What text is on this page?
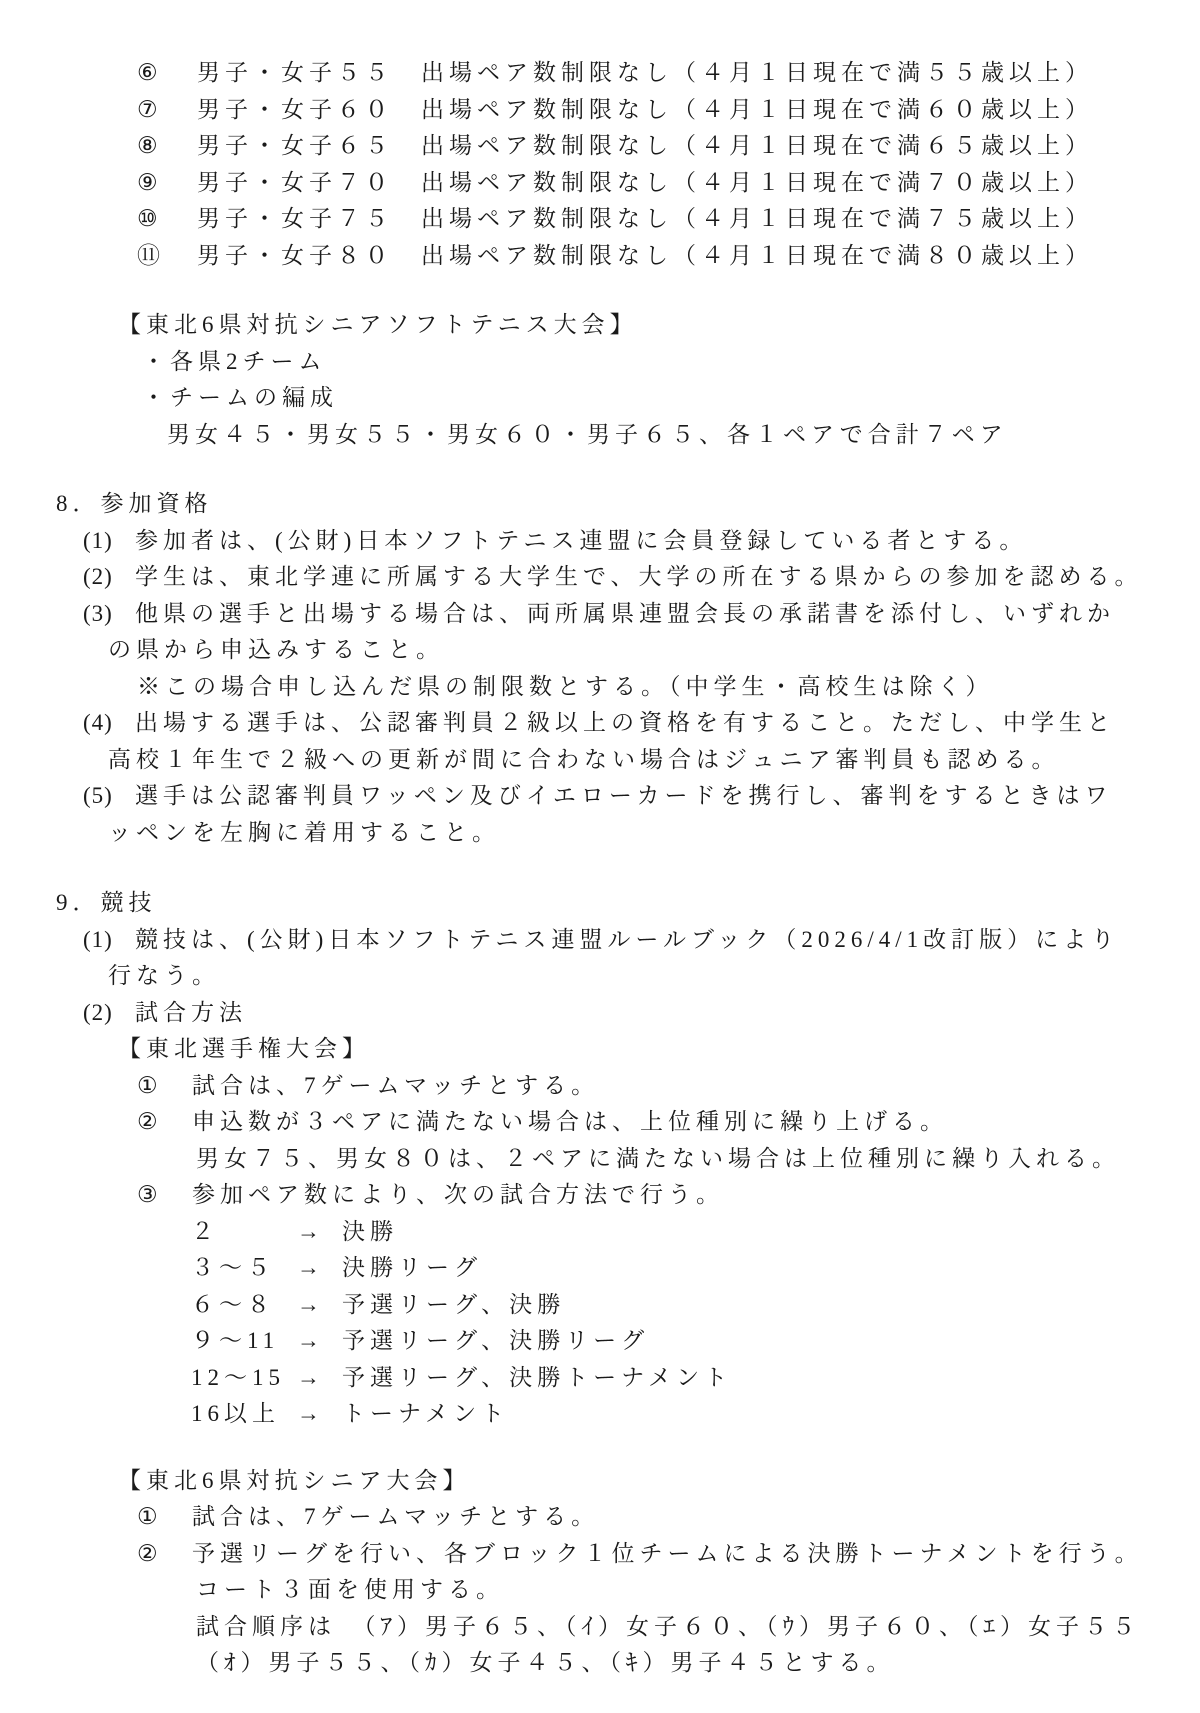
⑥	男子・女子５５　出場ペア数制限なし（４月１日現在で満５５歳以上）
⑦	男子・女子６０　出場ペア数制限なし（４月１日現在で満６０歳以上）
⑧	男子・女子６５　出場ペア数制限なし（４月１日現在で満６５歳以上）
⑨	男子・女子７０　出場ペア数制限なし（４月１日現在で満７０歳以上）
⑩	男子・女子７５　出場ペア数制限なし（４月１日現在で満７５歳以上）
⑪	男子・女子８０　出場ペア数制限なし（４月１日現在で満８０歳以上）
【東北6県対抗シニアソフトテニス大会】
・各県2チーム
・チームの編成
男女４５・男女５５・男女６０・男子６５、各１ペアで合計７ペア
8．参加資格
(1) 参加者は、(公財)日本ソフトテニス連盟に会員登録している者とする。
(2) 学生は、東北学連に所属する大学生で、大学の所在する県からの参加を認める。
(3) 他県の選手と出場する場合は、両所属県連盟会長の承諾書を添付し、いずれか
の県から申込みすること。
※この場合申し込んだ県の制限数とする。（中学生・高校生は除く）
(4) 出場する選手は、公認審判員２級以上の資格を有すること。ただし、中学生と
高校１年生で２級への更新が間に合わない場合はジュニア審判員も認める。
(5) 選手は公認審判員ワッペン及びイエローカードを携行し、審判をするときはワ
ッペンを左胸に着用すること。
9．競技
(1) 競技は、(公財)日本ソフトテニス連盟ルールブック（2026/4/1改訂版）により
行なう。
(2) 試合方法
【東北選手権大会】
①	試合は、7ゲームマッチとする。
②	申込数が３ペアに満たない場合は、上位種別に繰り上げる。
男女７５、男女８０は、２ペアに満たない場合は上位種別に繰り入れる。
③	参加ペア数により、次の試合方法で行う。
２	→ 決勝
３～５ → 決勝リーグ
６～８ → 予選リーグ、決勝
９～11 → 予選リーグ、決勝リーグ
12～15 → 予選リーグ、決勝トーナメント
16以上 → トーナメント
【東北6県対抗シニア大会】
①	試合は、7ゲームマッチとする。
②	予選リーグを行い、各ブロック１位チームによる決勝トーナメントを行う。
コート３面を使用する。
試合順序は　（ｱ）男子６５、（ｲ）女子６０、（ｳ）男子６０、（ｴ）女子５５
（ｵ）男子５５、（ｶ）女子４５、（ｷ）男子４５とする。
